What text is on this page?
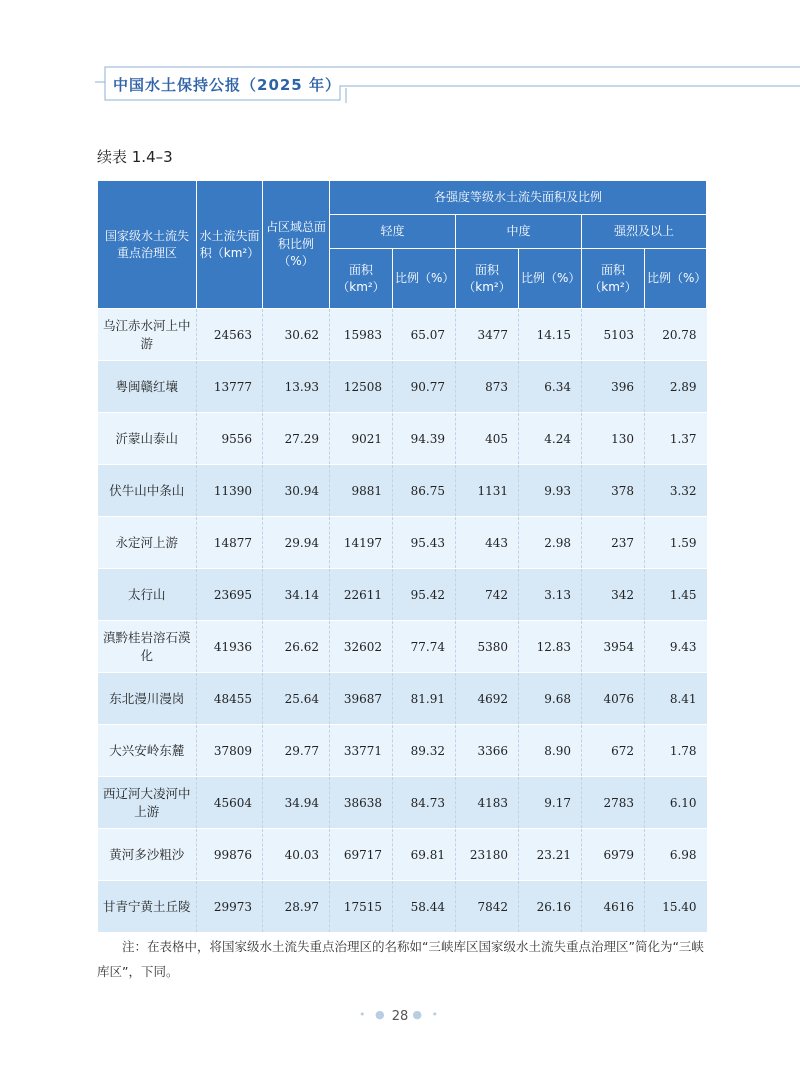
中国水土保持公报（2025 年）
续表 1.4–3
国家级水土流失重点治理区	水土流失面积（km²）	占区域总面积比例（%）	各强度等级水土流失面积及比例					
			轻度		中度		强烈及以上	
			面积（km²）	比例（%）	面积（km²）	比例（%）	面积（km²）	比例（%）
乌江赤水河上中游	24563	30.62	15983	65.07	3477	14.15	5103	20.78
粤闽赣红壤	13777	13.93	12508	90.77	873	6.34	396	2.89
沂蒙山泰山	9556	27.29	9021	94.39	405	4.24	130	1.37
伏牛山中条山	11390	30.94	9881	86.75	1131	9.93	378	3.32
永定河上游	14877	29.94	14197	95.43	443	2.98	237	1.59
太行山	23695	34.14	22611	95.42	742	3.13	342	1.45
滇黔桂岩溶石漠化	41936	26.62	32602	77.74	5380	12.83	3954	9.43
东北漫川漫岗	48455	25.64	39687	81.91	4692	9.68	4076	8.41
大兴安岭东麓	37809	29.77	33771	89.32	3366	8.90	672	1.78
西辽河大凌河中上游	45604	34.94	38638	84.73	4183	9.17	2783	6.10
黄河多沙粗沙	99876	40.03	69717	69.81	23180	23.21	6979	6.98
甘青宁黄土丘陵	29973	28.97	17515	58.44	7842	26.16	4616	15.40
注：在表格中，将国家级水土流失重点治理区的名称如“三峡库区国家级水土流失重点治理区”简化为“三峡库区”，下同。
• ● 28 ● •
